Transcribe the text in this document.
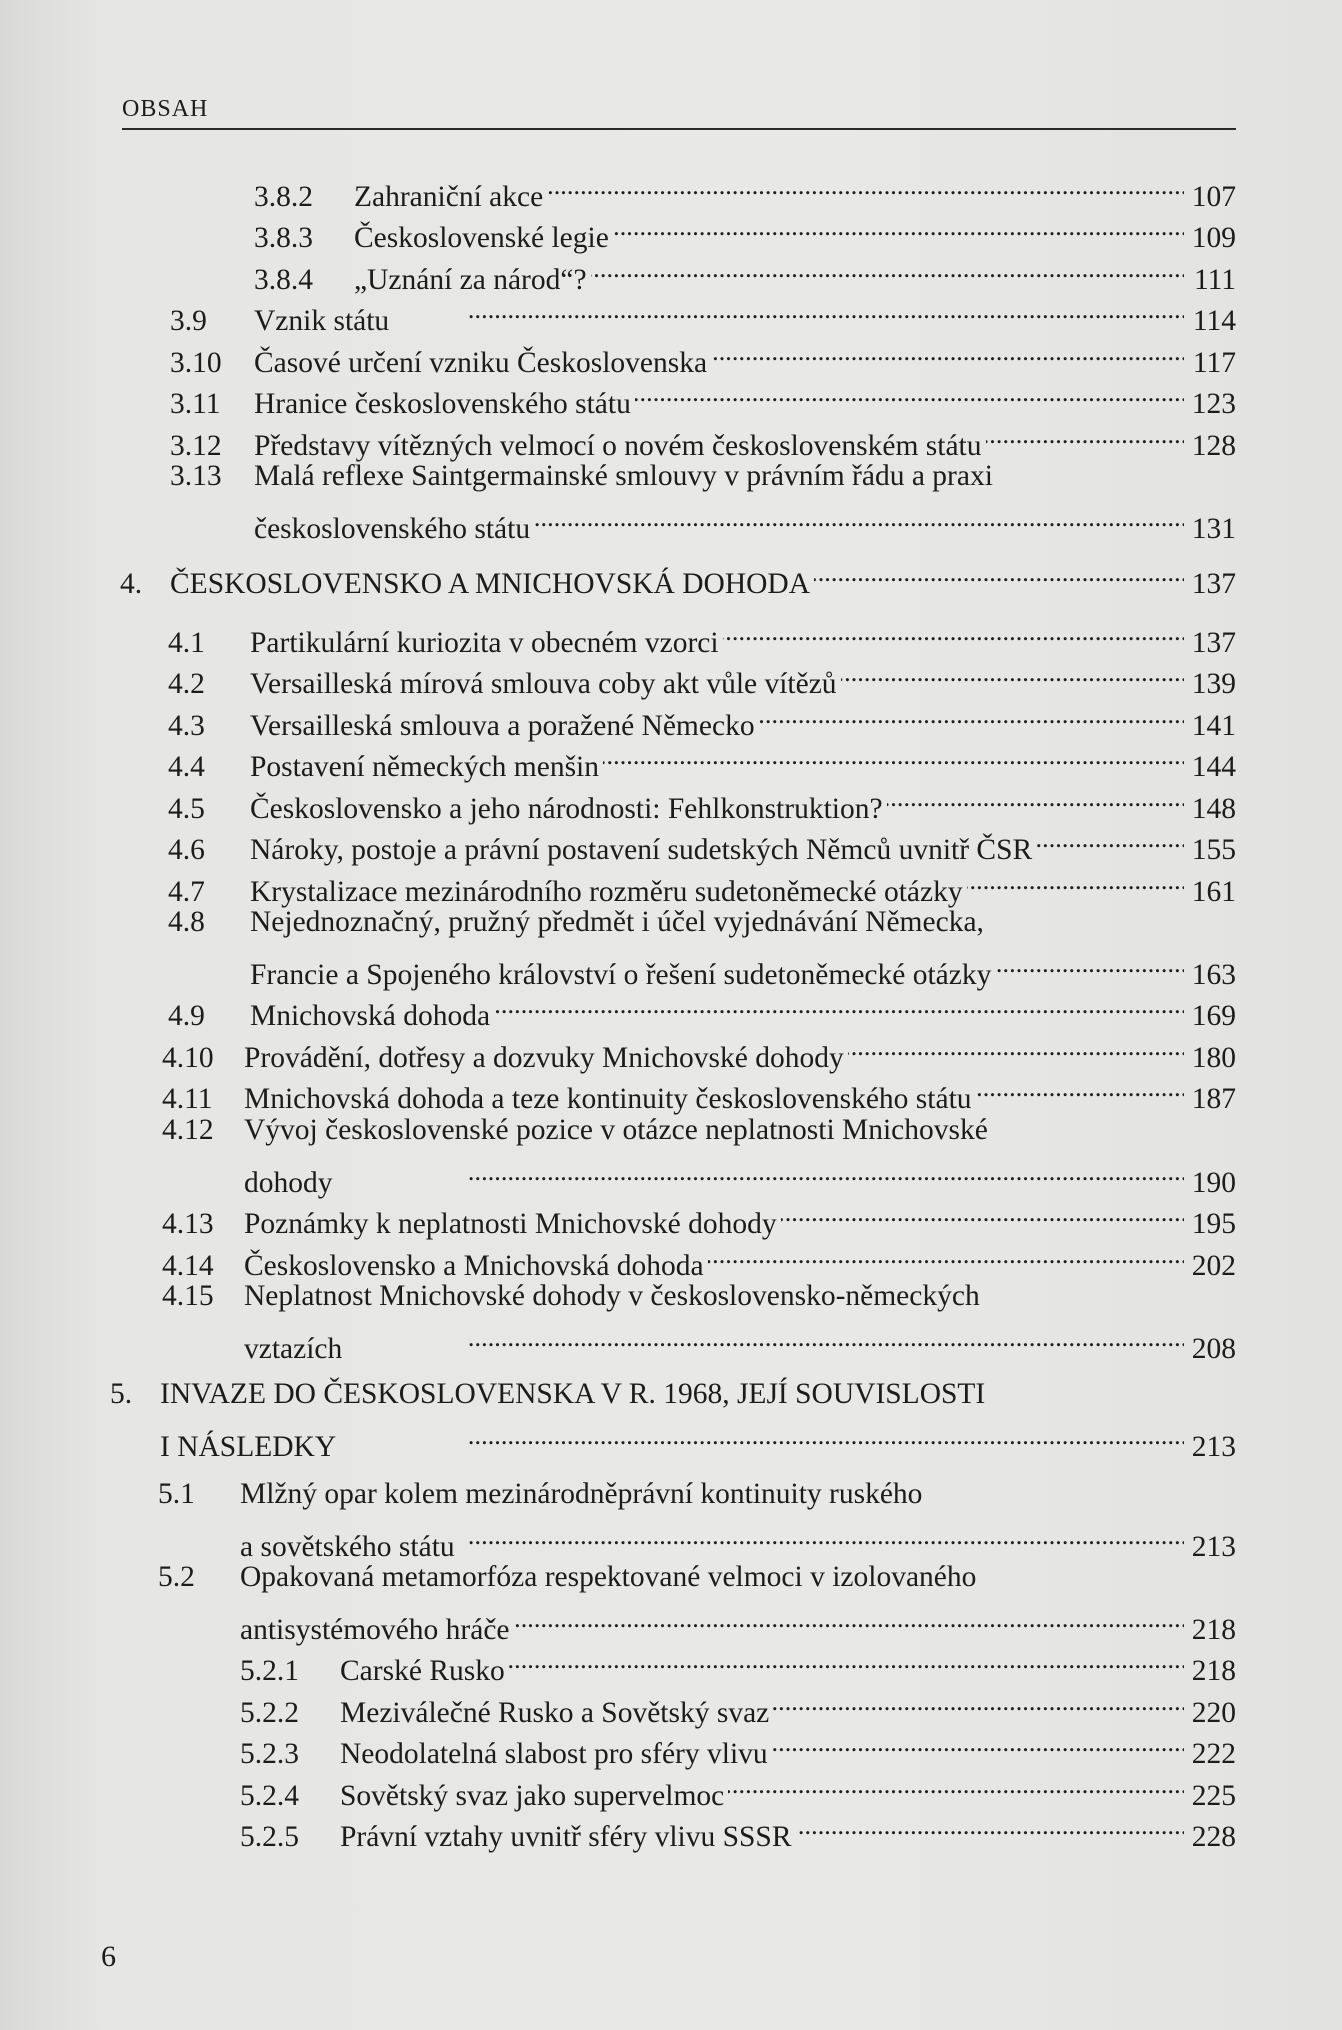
OBSAH
3.8.2	Zahraniční akce . . .	107
3.8.3	Československé legie . . .	109
3.8.4	„Uznání za národ“? . . .	111
3.9	Vznik státu . . .	114
3.10	Časové určení vzniku Československa . . .	117
3.11	Hranice československého státu . . .	123
3.12	Představy vítězných velmocí o novém československém státu . . .	128
3.13	Malá reflexe Saintgermainské smlouvy v právním řádu a praxi
československého státu . . .	131
4. ČESKOSLOVENSKO A MNICHOVSKÁ DOHODA . . .	137
4.1	Partikulární kuriozita v obecném vzorci . . .	137
4.2	Versailleská mírová smlouva coby akt vůle vítězů . . .	139
4.3	Versailleská smlouva a poražené Německo . . .	141
4.4	Postavení německých menšin . . .	144
4.5	Československo a jeho národnosti: Fehlkonstruktion? . . .	148
4.6	Nároky, postoje a právní postavení sudetských Němců uvnitř ČSR . . .	155
4.7	Krystalizace mezinárodního rozměru sudetoněmecké otázky . . .	161
4.8	Nejednoznačný, pružný předmět i účel vyjednávání Německa,
Francie a Spojeného království o řešení sudetoněmecké otázky . . .	163
4.9	Mnichovská dohoda . . .	169
4.10	Provádění, dotřesy a dozvuky Mnichovské dohody . . .	180
4.11	Mnichovská dohoda a teze kontinuity československého státu . . .	187
4.12	Vývoj československé pozice v otázce neplatnosti Mnichovské
dohody . . .	190
4.13	Poznámky k neplatnosti Mnichovské dohody . . .	195
4.14	Československo a Mnichovská dohoda . . .	202
4.15	Neplatnost Mnichovské dohody v československo-německých
vztazích . . .	208
5. INVAZE DO ČESKOSLOVENSKA V R. 1968, JEJÍ SOUVISLOSTI
I NÁSLEDKY . . .	213
5.1	Mlžný opar kolem mezinárodněprávní kontinuity ruského
a sovětského státu . . .	213
5.2	Opakovaná metamorfóza respektované velmoci v izolovaného
antisystémového hráče . . .	218
5.2.1	Carské Rusko . . .	218
5.2.2	Meziválečné Rusko a Sovětský svaz . . .	220
5.2.3	Neodolatelná slabost pro sféry vlivu . . .	222
5.2.4	Sovětský svaz jako supervelmoc . . .	225
5.2.5	Právní vztahy uvnitř sféry vlivu SSSR . . .	228
6
